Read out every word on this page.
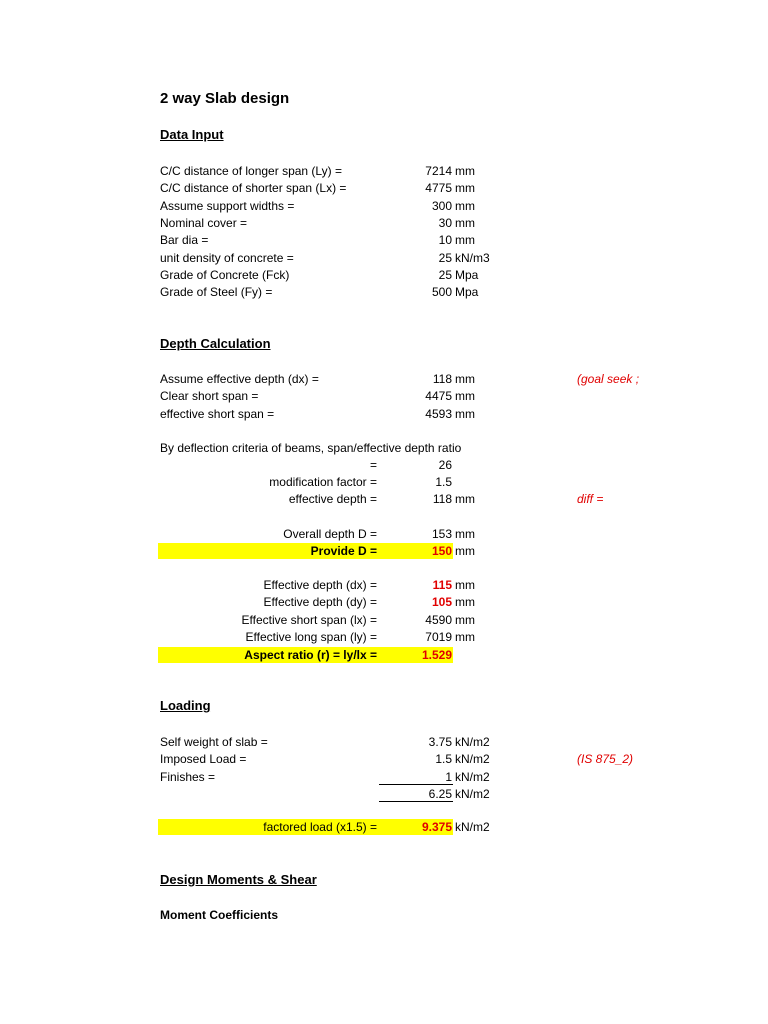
2 way Slab design
Data Input
Depth Calculation
Loading
Design Moments & Shear
Moment Coefficients
C/C distance of longer span (Ly) =	7214 mm
C/C distance of shorter span (Lx) =	4775 mm
Assume support widths =	300 mm
Nominal cover =	30 mm
Bar dia =	10 mm
unit density of concrete =	25 kN/m3
Grade of Concrete (Fck)	25 Mpa
Grade of Steel (Fy) =	500 Mpa
Assume effective depth (dx) =	118 mm	(goal seek ;
Clear short span =	4475 mm
effective short span =	4593 mm
By deflection criteria of beams, span/effective depth ratio
=	26
modification factor =	1.5
effective depth =	118 mm	diff =
Overall depth D =	153 mm
Provide D =	150 mm
Effective depth (dx) =	115 mm
Effective depth (dy) =	105 mm
Effective short span (lx) =	4590 mm
Effective long span (ly) =	7019 mm
Aspect ratio (r) = ly/lx =	1.529
Self weight of slab =	3.75 kN/m2
Imposed Load =	1.5 kN/m2	(IS 875_2)
Finishes =	1 kN/m2
6.25 kN/m2
factored load (x1.5) =	9.375 kN/m2
